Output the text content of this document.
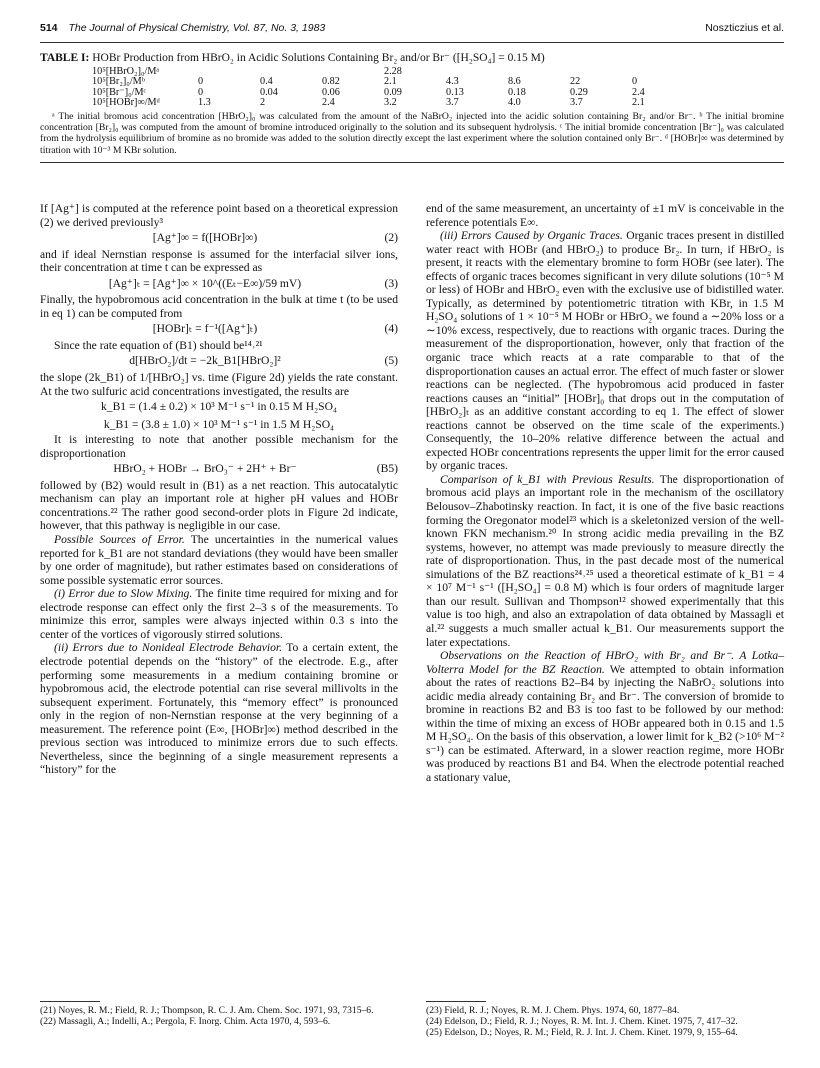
514 The Journal of Physical Chemistry, Vol. 87, No. 3, 1983	Noszticzius et al.
TABLE I: HOBr Production from HBrO₂ in Acidic Solutions Containing Br₂ and/or Br⁻ ([H₂SO₄] = 0.15 M)
10⁵[HBrO₂]₀/Mᵃ				2.28				
10⁵[Br₂]₀/Mᵇ	0	0.4	0.82	2.1	4.3	8.6	22	0
10⁵[Br⁻]₀/Mᶜ	0	0.04	0.06	0.09	0.13	0.18	0.29	2.4
10⁵[HOBr]∞/Mᵈ	1.3	2	2.4	3.2	3.7	4.0	3.7	2.1
ᵃ The initial bromous acid concentration [HBrO₂]₀ was calculated from the amount of the NaBrO₂ injected into the acidic solution containing Br₂ and/or Br⁻. ᵇ The initial bromine concentration [Br₂]₀ was computed from the amount of bromine introduced originally to the solution and its subsequent hydrolysis. ᶜ The initial bromide concentration [Br⁻]₀ was calculated from the hydrolysis equilibrium of bromine as no bromide was added to the solution directly except the last experiment where the solution contained only Br⁻. ᵈ [HOBr]∞ was determined by titration with 10⁻³ M KBr solution.

If [Ag⁺] is computed at the reference point based on a theoretical expression (2) we derived previously³

[Ag⁺]∞ = f([HOBr]∞)	(2)

and if ideal Nernstian response is assumed for the interfacial silver ions, their concentration at time t can be expressed as

[Ag⁺]ₜ = [Ag⁺]∞ × 10^((Eₜ−E∞)/59 mV)	(3)

Finally, the hypobromous acid concentration in the bulk at time t (to be used in eq 1) can be computed from

[HOBr]ₜ = f⁻¹([Ag⁺]ₜ)	(4)

Since the rate equation of (B1) should be¹⁴˒²¹

d[HBrO₂]/dt = −2k_B1[HBrO₂]²	(5)

the slope (2k_B1) of 1/[HBrO₂] vs. time (Figure 2d) yields the rate constant. At the two sulfuric acid concentrations investigated, the results are

k_B1 = (1.4 ± 0.2) × 10³ M⁻¹ s⁻¹ in 0.15 M H₂SO₄
k_B1 = (3.8 ± 1.0) × 10³ M⁻¹ s⁻¹ in 1.5 M H₂SO₄

It is interesting to note that another possible mechanism for the disproportionation

HBrO₂ + HOBr → BrO₃⁻ + 2H⁺ + Br⁻	(B5)

followed by (B2) would result in (B1) as a net reaction. This autocatalytic mechanism can play an important role at higher pH values and HOBr concentrations.²² The rather good second-order plots in Figure 2d indicate, however, that this pathway is negligible in our case.

Possible Sources of Error. The uncertainties in the numerical values reported for k_B1 are not standard deviations (they would have been smaller by one order of magnitude), but rather estimates based on considerations of some possible systematic error sources.

(i) Error due to Slow Mixing. The finite time required for mixing and for electrode response can effect only the first 2–3 s of the measurements. To minimize this error, samples were always injected within 0.3 s into the center of the vortices of vigorously stirred solutions.

(ii) Errors due to Nonideal Electrode Behavior. To a certain extent, the electrode potential depends on the “history” of the electrode. E.g., after performing some measurements in a medium containing bromine or hypobromous acid, the electrode potential can rise several millivolts in the subsequent experiment. Fortunately, this “memory effect” is pronounced only in the region of non-Nernstian response at the very beginning of a measurement. The reference point (E∞, [HOBr]∞) method described in the previous section was introduced to minimize errors due to such effects. Nevertheless, since the beginning of a single measurement represents a “history” for the

end of the same measurement, an uncertainty of ±1 mV is conceivable in the reference potentials E∞.

(iii) Errors Caused by Organic Traces. Organic traces present in distilled water react with HOBr (and HBrO₂) to produce Br₂. In turn, if HBrO₂ is present, it reacts with the elementary bromine to form HOBr (see later). The effects of organic traces becomes significant in very dilute solutions (10⁻⁵ M or less) of HOBr and HBrO₂ even with the exclusive use of bidistilled water. Typically, as determined by potentiometric titration with KBr, in 1.5 M H₂SO₄ solutions of 1 × 10⁻⁵ M HOBr or HBrO₂ we found a ∼20% loss or a ∼10% excess, respectively, due to reactions with organic traces. During the measurement of the disproportionation, however, only that fraction of the organic trace which reacts at a rate comparable to that of the disproportionation causes an actual error. The effect of much faster or slower reactions can be neglected. (The hypobromous acid produced in faster reactions causes an “initial” [HOBr]₀ that drops out in the computation of [HBrO₂]ₜ as an additive constant according to eq 1. The effect of slower reactions cannot be observed on the time scale of the experiments.) Consequently, the 10–20% relative difference between the actual and expected HOBr concentrations represents the upper limit for the error caused by organic traces.

Comparison of k_B1 with Previous Results. The disproportionation of bromous acid plays an important role in the mechanism of the oscillatory Belousov–Zhabotinsky reaction. In fact, it is one of the five basic reactions forming the Oregonator model²³ which is a skeletonized version of the well-known FKN mechanism.²⁰ In strong acidic media prevailing in the BZ systems, however, no attempt was made previously to measure directly the rate of disproportionation. Thus, in the past decade most of the numerical simulations of the BZ reactions²⁴˒²⁵ used a theoretical estimate of k_B1 = 4 × 10⁷ M⁻¹ s⁻¹ ([H₂SO₄] = 0.8 M) which is four orders of magnitude larger than our result. Sullivan and Thompson¹² showed experimentally that this value is too high, and also an extrapolation of data obtained by Massagli et al.²² suggests a much smaller actual k_B1. Our measurements support the later expectations.

Observations on the Reaction of HBrO₂ with Br₂ and Br⁻. A Lotka–Volterra Model for the BZ Reaction. We attempted to obtain information about the rates of reactions B2–B4 by injecting the NaBrO₂ solutions into acidic media already containing Br₂ and Br⁻. The conversion of bromide to bromine in reactions B2 and B3 is too fast to be followed by our method: within the time of mixing an excess of HOBr appeared both in 0.15 and 1.5 M H₂SO₄. On the basis of this observation, a lower limit for k_B2 (>10⁶ M⁻² s⁻¹) can be estimated. Afterward, in a slower reaction regime, more HOBr was produced by reactions B1 and B4. When the electrode potential reached a stationary value,

(21) Noyes, R. M.; Field, R. J.; Thompson, R. C. J. Am. Chem. Soc. 1971, 93, 7315–6.

(22) Massagli, A.; Indelli, A.; Pergola, F. Inorg. Chim. Acta 1970, 4, 593–6.

(23) Field, R. J.; Noyes, R. M. J. Chem. Phys. 1974, 60, 1877–84.

(24) Edelson, D.; Field, R. J.; Noyes, R. M. Int. J. Chem. Kinet. 1975, 7, 417–32.

(25) Edelson, D.; Noyes, R. M.; Field, R. J. Int. J. Chem. Kinet. 1979, 9, 155–64.
